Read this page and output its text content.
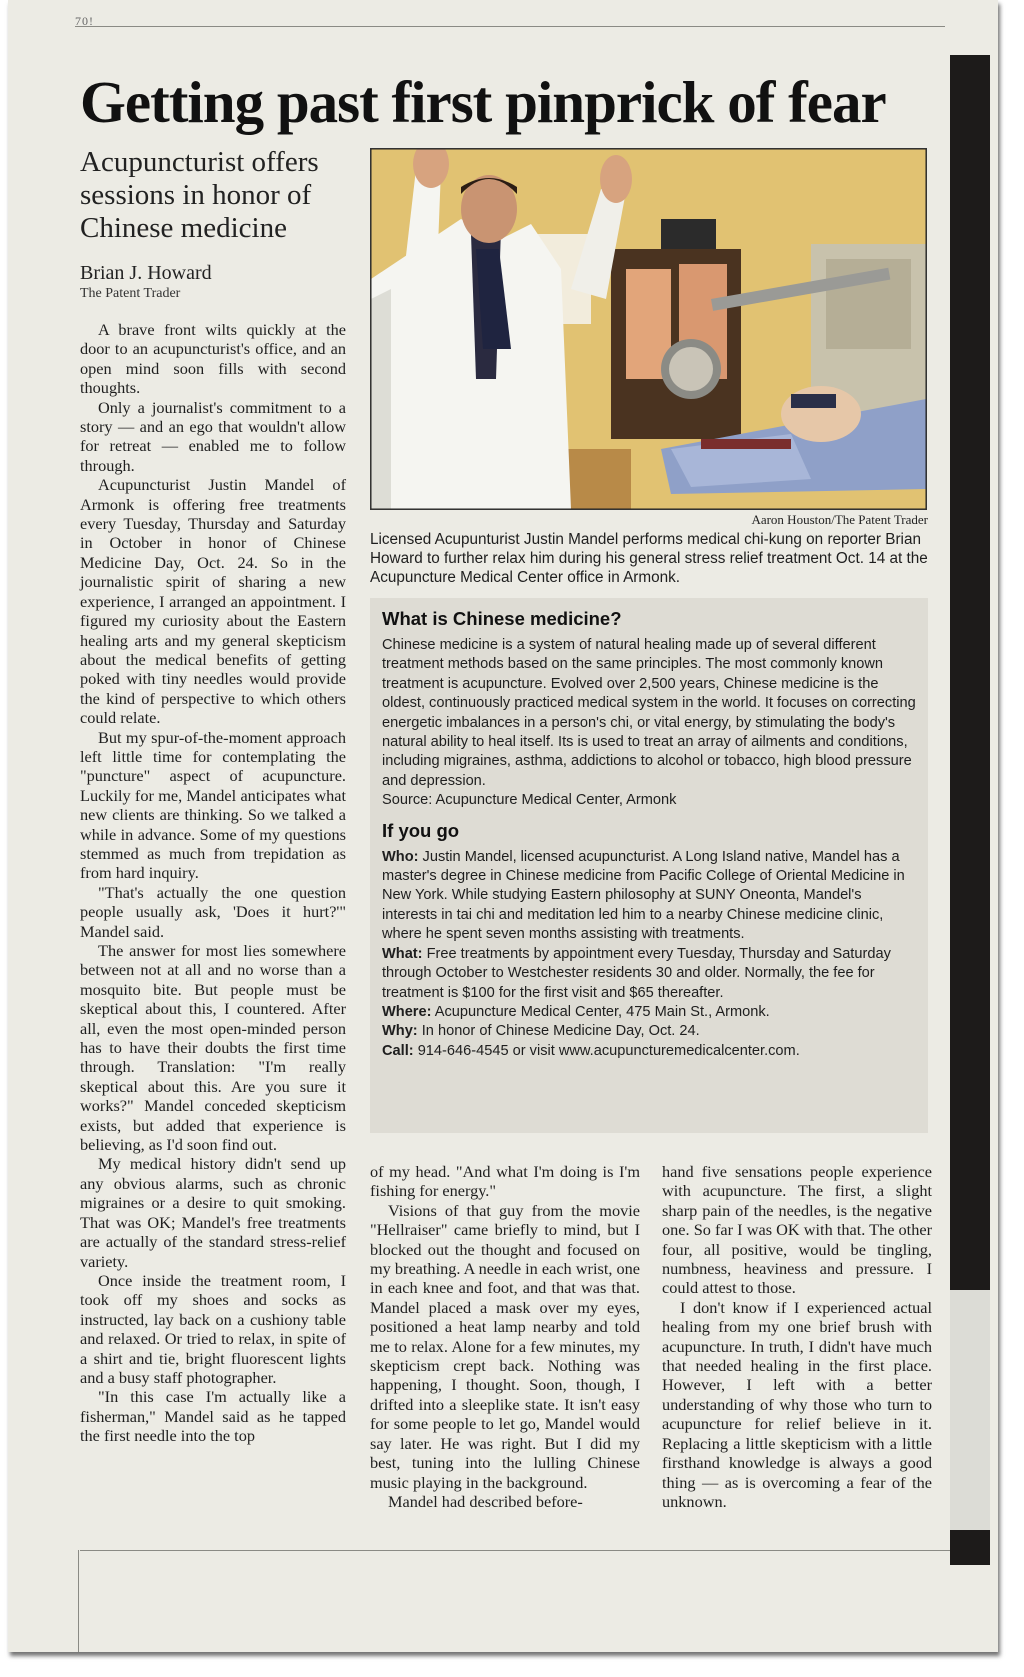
70!
Getting past first pinprick of fear
Acupuncturist offers sessions in honor of Chinese medicine
Brian J. Howard
The Patent Trader

A brave front wilts quickly at the door to an acupuncturist's office, and an open mind soon fills with second thoughts.

Only a journalist's commitment to a story — and an ego that wouldn't allow for retreat — enabled me to follow through.

Acupuncturist Justin Mandel of Armonk is offering free treatments every Tuesday, Thursday and Saturday in October in honor of Chinese Medicine Day, Oct. 24. So in the journalistic spirit of sharing a new experience, I arranged an appointment. I figured my curiosity about the Eastern healing arts and my general skepticism about the medical benefits of getting poked with tiny needles would provide the kind of perspective to which others could relate.

But my spur-of-the-moment approach left little time for contemplating the "puncture" aspect of acupuncture. Luckily for me, Mandel anticipates what new clients are thinking. So we talked a while in advance. Some of my questions stemmed as much from trepidation as from hard inquiry.

"That's actually the one question people usually ask, 'Does it hurt?'" Mandel said.

The answer for most lies somewhere between not at all and no worse than a mosquito bite. But people must be skeptical about this, I countered. After all, even the most open-minded person has to have their doubts the first time through. Translation: "I'm really skeptical about this. Are you sure it works?" Mandel conceded skepticism exists, but added that experience is believing, as I'd soon find out.

My medical history didn't send up any obvious alarms, such as chronic migraines or a desire to quit smoking. That was OK; Mandel's free treatments are actually of the standard stress-relief variety.

Once inside the treatment room, I took off my shoes and socks as instructed, lay back on a cushiony table and relaxed. Or tried to relax, in spite of a shirt and tie, bright fluorescent lights and a busy staff photographer.

"In this case I'm actually like a fisherman," Mandel said as he tapped the first needle into the top

Aaron Houston/The Patent Trader
Licensed Acupunturist Justin Mandel performs medical chi-kung on reporter Brian Howard to further relax him during his general stress relief treatment Oct. 14 at the Acupuncture Medical Center office in Armonk.
What is Chinese medicine?

Chinese medicine is a system of natural healing made up of several different treatment methods based on the same principles. The most commonly known treatment is acupuncture. Evolved over 2,500 years, Chinese medicine is the oldest, continuously practiced medical system in the world. It focuses on correcting energetic imbalances in a person's chi, or vital energy, by stimulating the body's natural ability to heal itself. Its is used to treat an array of ailments and conditions, including migraines, asthma, addictions to alcohol or tobacco, high blood pressure and depression.

Source: Acupuncture Medical Center, Armonk

If you go

Who: Justin Mandel, licensed acupuncturist. A Long Island native, Mandel has a master's degree in Chinese medicine from Pacific College of Oriental Medicine in New York. While studying Eastern philosophy at SUNY Oneonta, Mandel's interests in tai chi and meditation led him to a nearby Chinese medicine clinic, where he spent seven months assisting with treatments.

What: Free treatments by appointment every Tuesday, Thursday and Saturday through October to Westchester residents 30 and older. Normally, the fee for treatment is $100 for the first visit and $65 thereafter.

Where: Acupuncture Medical Center, 475 Main St., Armonk.

Why: In honor of Chinese Medicine Day, Oct. 24.

Call: 914-646-4545 or visit www.acupuncturemedicalcenter.com.

of my head. "And what I'm doing is I'm fishing for energy."

Visions of that guy from the movie "Hellraiser" came briefly to mind, but I blocked out the thought and focused on my breathing. A needle in each wrist, one in each knee and foot, and that was that. Mandel placed a mask over my eyes, positioned a heat lamp nearby and told me to relax. Alone for a few minutes, my skepticism crept back. Nothing was happening, I thought. Soon, though, I drifted into a sleeplike state. It isn't easy for some people to let go, Mandel would say later. He was right. But I did my best, tuning into the lulling Chinese music playing in the background.

Mandel had described before-

hand five sensations people experience with acupuncture. The first, a slight sharp pain of the needles, is the negative one. So far I was OK with that. The other four, all positive, would be tingling, numbness, heaviness and pressure. I could attest to those.

I don't know if I experienced actual healing from my one brief brush with acupuncture. In truth, I didn't have much that needed healing in the first place. However, I left with a better understanding of why those who turn to acupuncture for relief believe in it. Replacing a little skepticism with a little firsthand knowledge is always a good thing — as is overcoming a fear of the unknown.
